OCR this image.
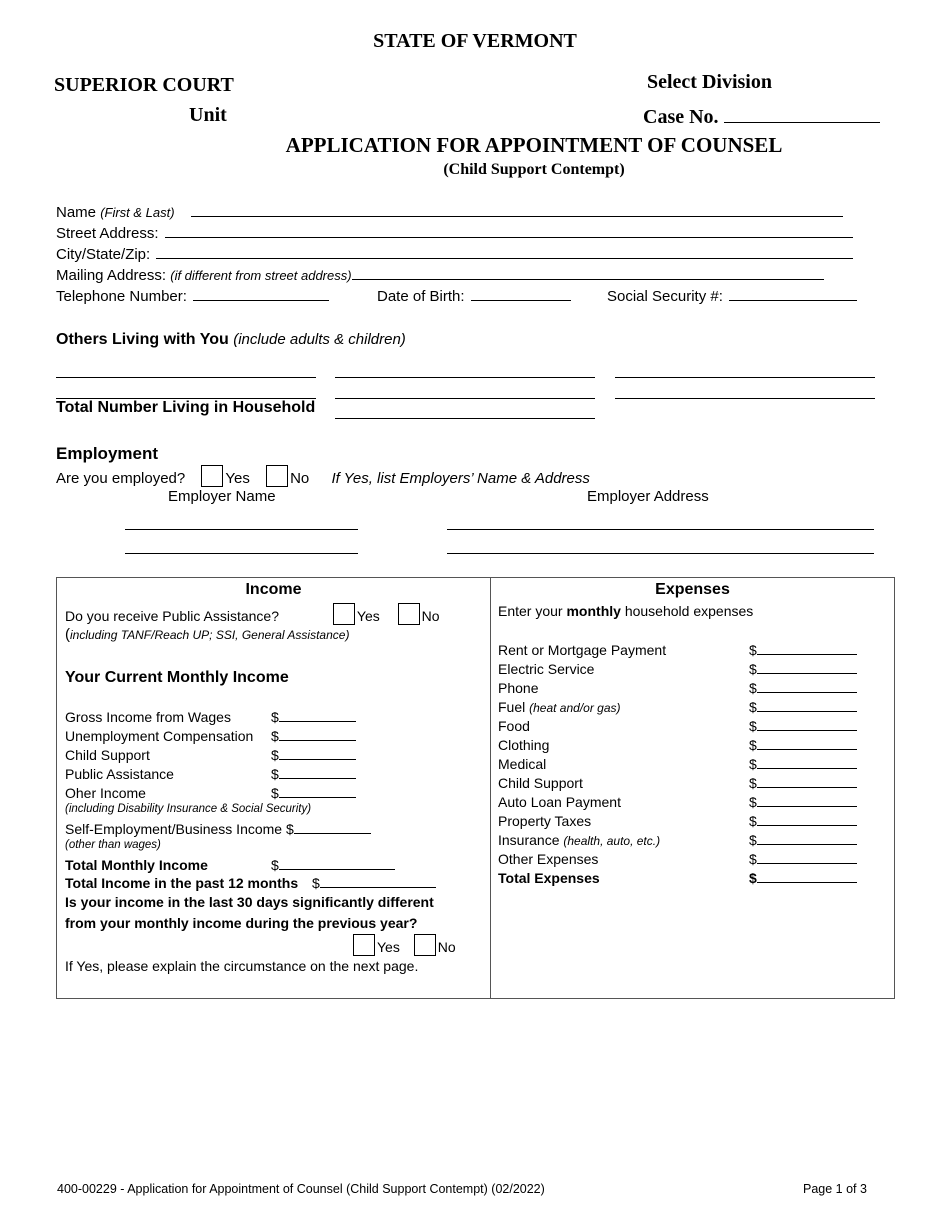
STATE OF VERMONT
SUPERIOR COURT
Unit
Select Division
Case No.
APPLICATION FOR APPOINTMENT OF COUNSEL
(Child Support Contempt)
Name (First & Last)
Street Address:
City/State/Zip:
Mailing Address: (if different from street address)
Telephone Number:	Date of Birth:	Social Security #:
Others Living with You (include adults & children)
Total Number Living in Household
Employment
Are you employed?	Yes	No If Yes, list Employers’ Name & Address
Employer Name	Employer Address
Income
Do you receive Public Assistance?	Yes	No
(including TANF/Reach UP; SSI, General Assistance)
Your Current Monthly Income
Gross Income from Wages	$
Unemployment Compensation $
Child Support	$
Public Assistance	$
Oher Income	$
(including Disability Insurance & Social Security)
Self-Employment/Business Income $
(other than wages)
Total Monthly Income	$
Total Income in the past 12 months $
Is your income in the last 30 days significantly different
from your monthly income during the previous year?
Yes	No
If Yes, please explain the circumstance on the next page.
Expenses
Enter your monthly household expenses
Rent or Mortgage Payment	$
Electric Service	$
Phone	$
Fuel (heat and/or gas)	$
Food	$
Clothing	$
Medical	$
Child Support	$
Auto Loan Payment	$
Property Taxes	$
Insurance (health, auto, etc.)	$
Other Expenses	$
Total Expenses	$
400-00229 - Application for Appointment of Counsel (Child Support Contempt) (02/2022)	Page 1 of 3
